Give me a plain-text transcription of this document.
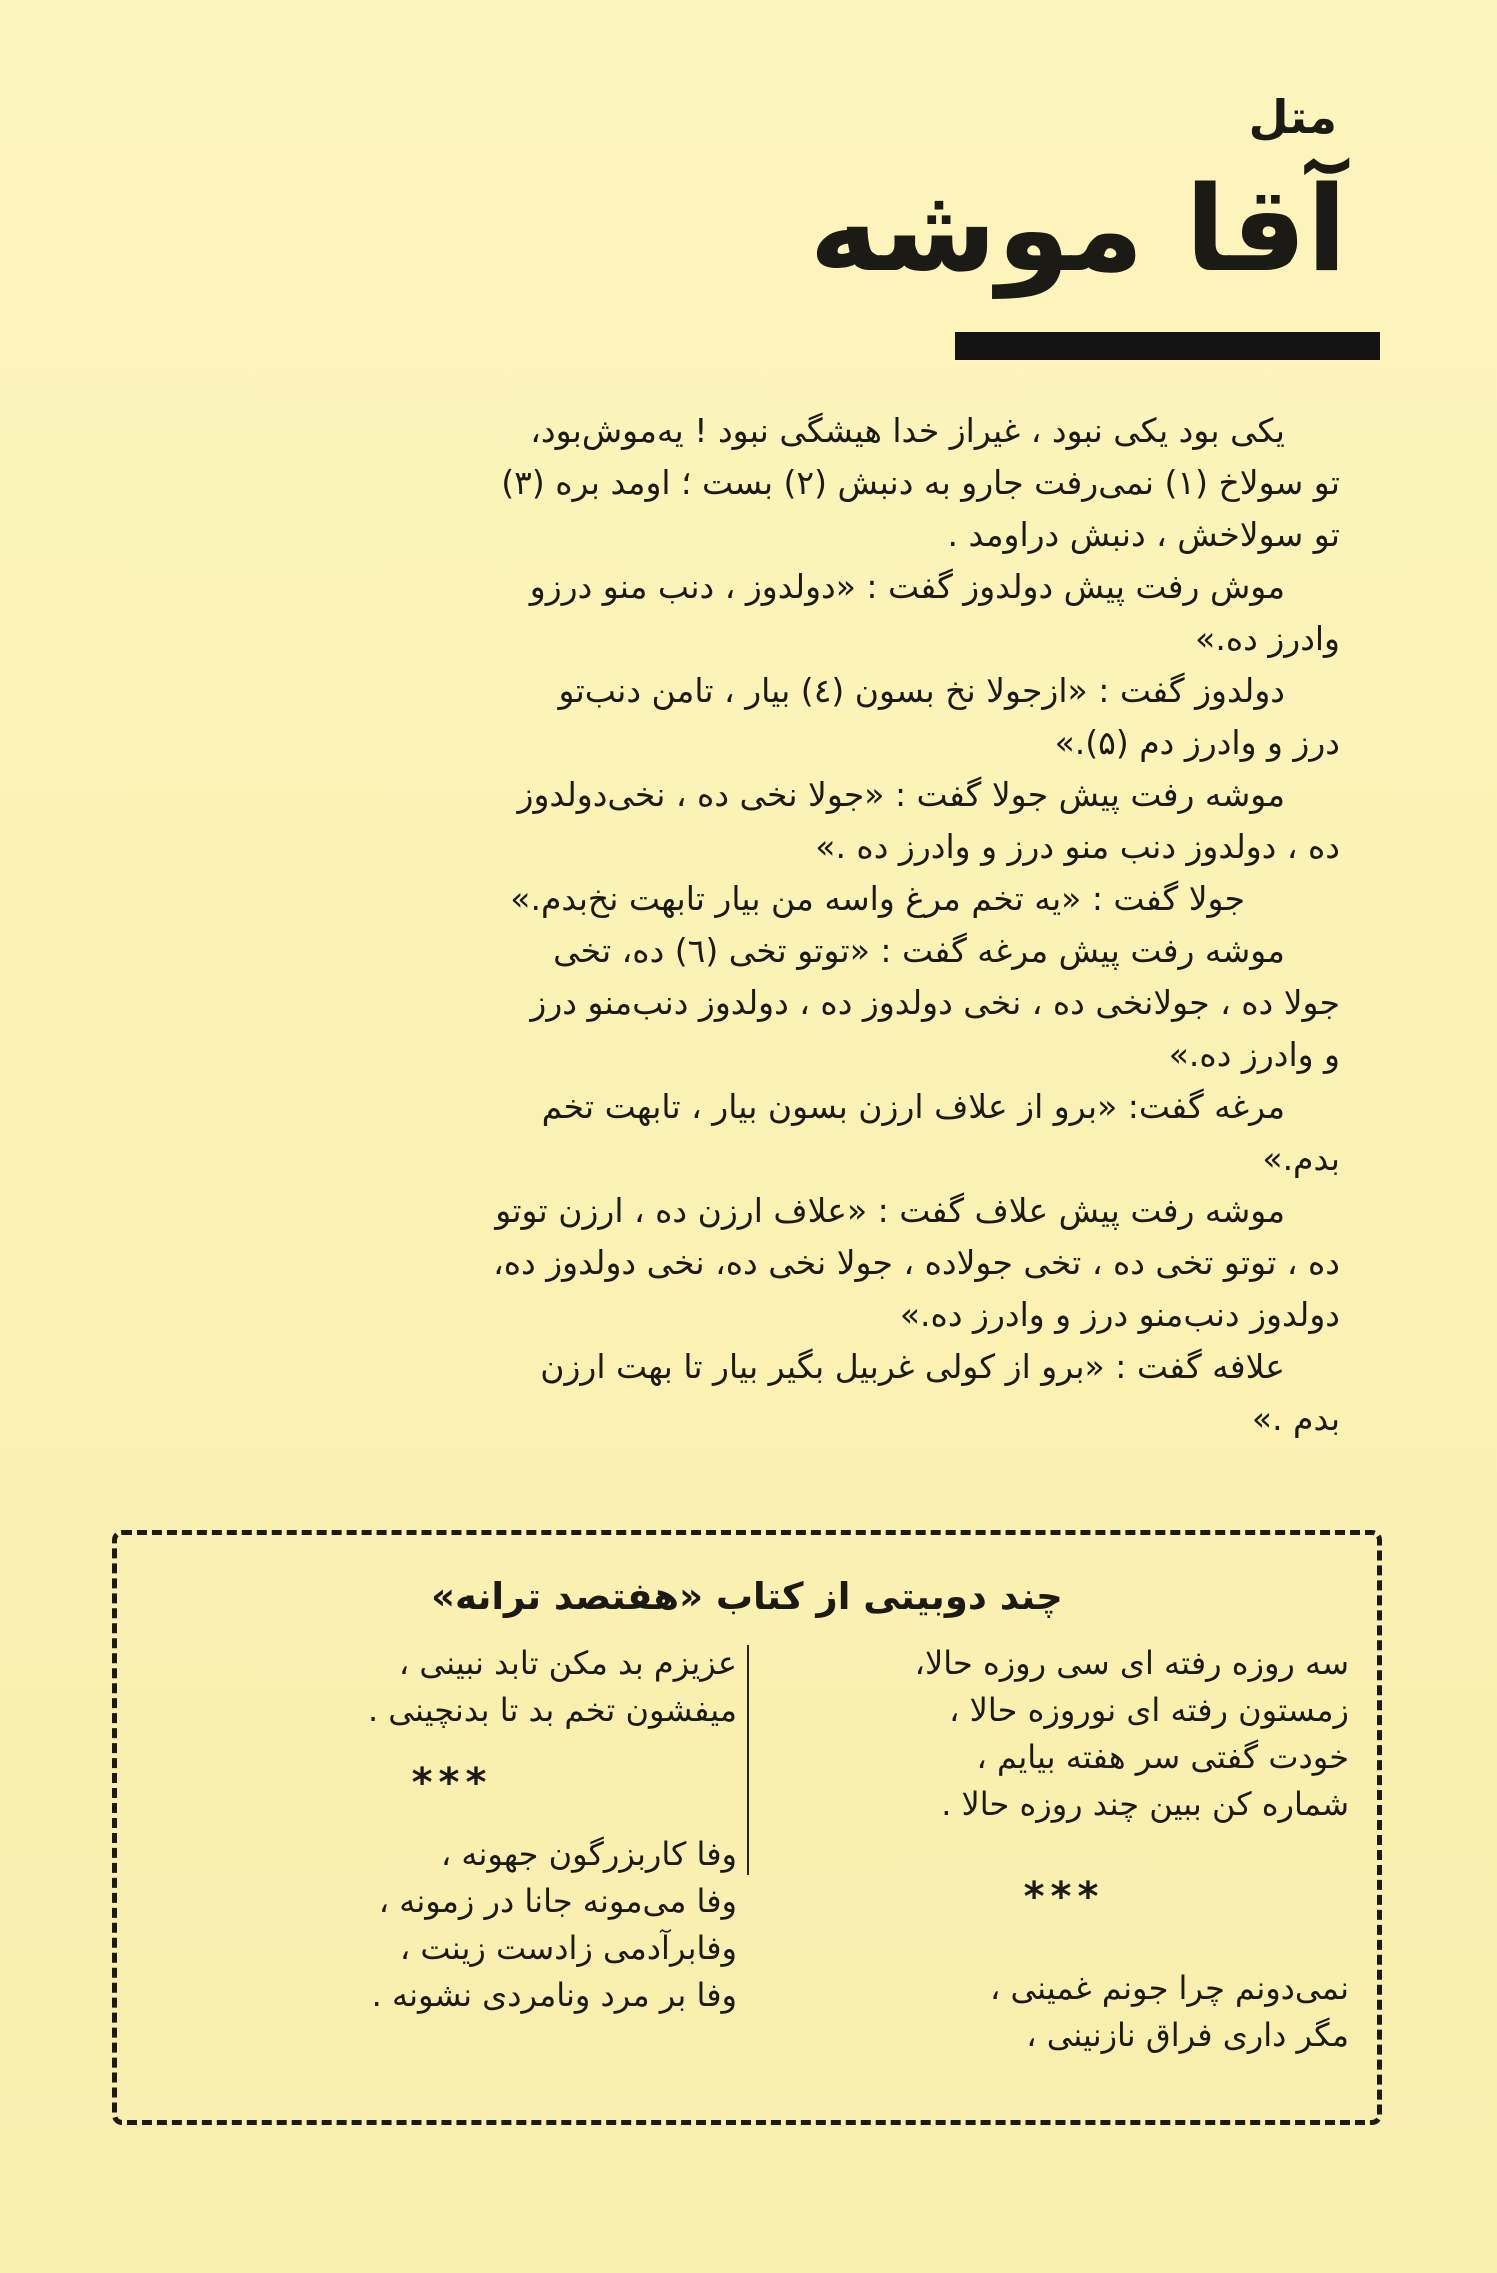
متل
آقا موشه

یکی بود یکی نبود ، غیراز خدا هیشگی نبود ! یه‌موش‌بود،

تو سولاخ (۱) نمی‌رفت جارو به دنبش (۲) بست ؛ اومد بره (۳)

تو سولاخش ، دنبش دراومد .

موش رفت پیش دولدوز گفت : «دولدوز ، دنب منو درزو

وادرز ده.»

دولدوز گفت : «ازجولا نخ بسون (٤) بیار ، تامن دنب‌تو

درز و وادرز دم (۵).»

موشه رفت پیش جولا گفت : «جولا نخی ده ، نخی‌دولدوز

ده ، دولدوز دنب منو درز و وادرز ده .»

جولا گفت : «یه تخم مرغ واسه من بیار تابهت نخ‌بدم.»

موشه رفت پیش مرغه گفت : «توتو تخی (٦) ده، تخی

جولا ده ، جولانخی ده ، نخی دولدوز ده ، دولدوز دنب‌منو درز

و وادرز ده.»

مرغه گفت: «برو از علاف ارزن بسون بیار ، تابهت تخم

بدم.»

موشه رفت پیش علاف گفت : «علاف ارزن ده ، ارزن توتو

ده ، توتو تخی ده ، تخی جولاده ، جولا نخی ده، نخی دولدوز ده،

دولدوز دنب‌منو درز و وادرز ده.»

علافه گفت : «برو از کولی غربیل بگیر بیار تا بهت ارزن

بدم .»

چند دوبیتی از کتاب «هفتصد ترانه»

سه روزه رفته ای سی روزه حالا،

زمستون رفته ای نوروزه حالا ،

خودت گفتی سر هفته بیایم ،

شماره کن ببین چند روزه حالا .

***

نمی‌دونم چرا جونم غمینی ،

مگر داری فراق نازنینی ،

عزیزم بد مکن تابد نبینی ،

میفشون تخم بد تا بدنچینی .

***

وفا کاربزرگون جهونه ،

وفا می‌مونه جانا در زمونه ،

وفابرآدمی زادست زینت ،

وفا بر مرد ونامردی نشونه .
